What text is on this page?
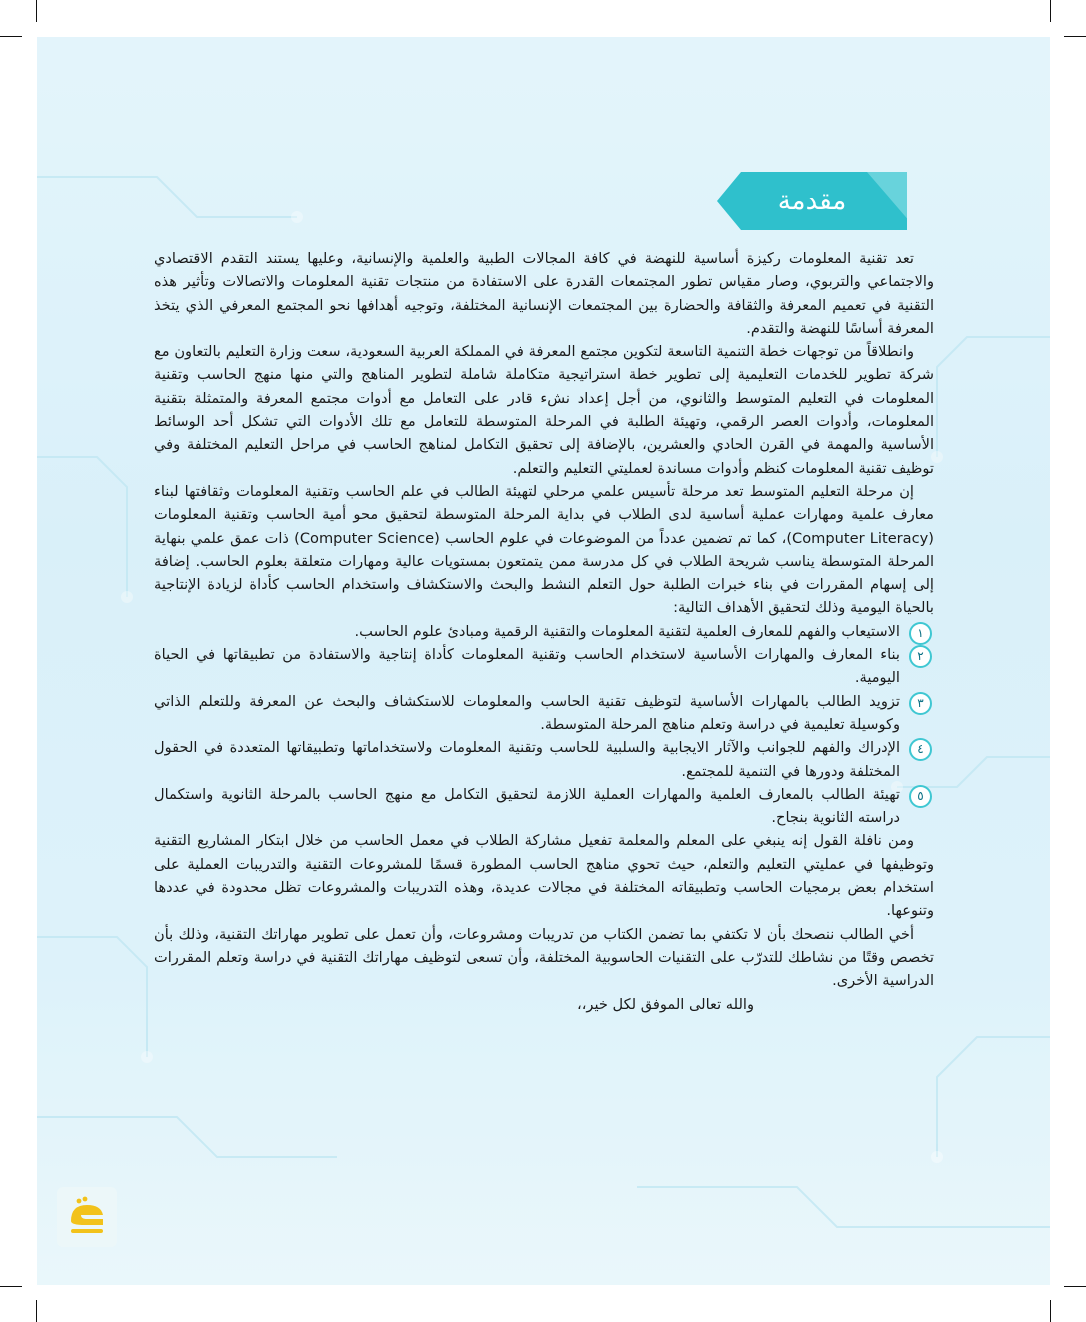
مقدمة

تعد تقنية المعلومات ركيزة أساسية للنهضة في كافة المجالات الطبية والعلمية والإنسانية، وعليها يستند التقدم الاقتصادي والاجتماعي والتربوي، وصار مقياس تطور المجتمعات القدرة على الاستفادة من منتجات تقنية المعلومات والاتصالات وتأثير هذه التقنية في تعميم المعرفة والثقافة والحضارة بين المجتمعات الإنسانية المختلفة، وتوجيه أهدافها نحو المجتمع المعرفي الذي يتخذ المعرفة أساسًا للنهضة والتقدم.

وانطلاقاً من توجهات خطة التنمية التاسعة لتكوين مجتمع المعرفة في المملكة العربية السعودية، سعت وزارة التعليم بالتعاون مع شركة تطوير للخدمات التعليمية إلى تطوير خطة استراتيجية متكاملة شاملة لتطوير المناهج والتي منها منهج الحاسب وتقنية المعلومات في التعليم المتوسط والثانوي، من أجل إعداد نشء قادر على التعامل مع أدوات مجتمع المعرفة والمتمثلة بتقنية المعلومات، وأدوات العصر الرقمي، وتهيئة الطلبة في المرحلة المتوسطة للتعامل مع تلك الأدوات التي تشكل أحد الوسائط الأساسية والمهمة في القرن الحادي والعشرين، بالإضافة إلى تحقيق التكامل لمناهج الحاسب في مراحل التعليم المختلفة وفي توظيف تقنية المعلومات كنظم وأدوات مساندة لعمليتي التعليم والتعلم.

إن مرحلة التعليم المتوسط تعد مرحلة تأسيس علمي مرحلي لتهيئة الطالب في علم الحاسب وتقنية المعلومات وثقافتها لبناء معارف علمية ومهارات عملية أساسية لدى الطلاب في بداية المرحلة المتوسطة لتحقيق محو أمية الحاسب وتقنية المعلومات (Computer Literacy)، كما تم تضمين عدداً من الموضوعات في علوم الحاسب (Computer Science) ذات عمق علمي بنهاية المرحلة المتوسطة يناسب شريحة الطلاب في كل مدرسة ممن يتمتعون بمستويات عالية ومهارات متعلقة بعلوم الحاسب. إضافة إلى إسهام المقررات في بناء خبرات الطلبة حول التعلم النشط والبحث والاستكشاف واستخدام الحاسب كأداة لزيادة الإنتاجية بالحياة اليومية وذلك لتحقيق الأهداف التالية:

١
الاستيعاب والفهم للمعارف العلمية لتقنية المعلومات والتقنية الرقمية ومبادئ علوم الحاسب.
٢
بناء المعارف والمهارات الأساسية لاستخدام الحاسب وتقنية المعلومات كأداة إنتاجية والاستفادة من تطبيقاتها في الحياة اليومية.
٣
تزويد الطالب بالمهارات الأساسية لتوظيف تقنية الحاسب والمعلومات للاستكشاف والبحث عن المعرفة وللتعلم الذاتي وكوسيلة تعليمية في دراسة وتعلم مناهج المرحلة المتوسطة.
٤
الإدراك والفهم للجوانب والآثار الايجابية والسلبية للحاسب وتقنية المعلومات ولاستخداماتها وتطبيقاتها المتعددة في الحقول المختلفة ودورها في التنمية للمجتمع.
٥
تهيئة الطالب بالمعارف العلمية والمهارات العملية اللازمة لتحقيق التكامل مع منهج الحاسب بالمرحلة الثانوية واستكمال دراسته الثانوية بنجاح.

ومن نافلة القول إنه ينبغي على المعلم والمعلمة تفعيل مشاركة الطلاب في معمل الحاسب من خلال ابتكار المشاريع التقنية وتوظيفها في عمليتي التعليم والتعلم، حيث تحوي مناهج الحاسب المطورة قسمًا للمشروعات التقنية والتدريبات العملية على استخدام بعض برمجيات الحاسب وتطبيقاته المختلفة في مجالات عديدة، وهذه التدريبات والمشروعات تظل محدودة في عددها وتنوعها.

أخي الطالب ننصحك بأن لا تكتفي بما تضمن الكتاب من تدريبات ومشروعات، وأن تعمل على تطوير مهاراتك التقنية، وذلك بأن تخصص وقتًا من نشاطك للتدرّب على التقنيات الحاسوبية المختلفة، وأن تسعى لتوظيف مهاراتك التقنية في دراسة وتعلم المقررات الدراسية الأخرى.

والله تعالى الموفق لكل خير،،
